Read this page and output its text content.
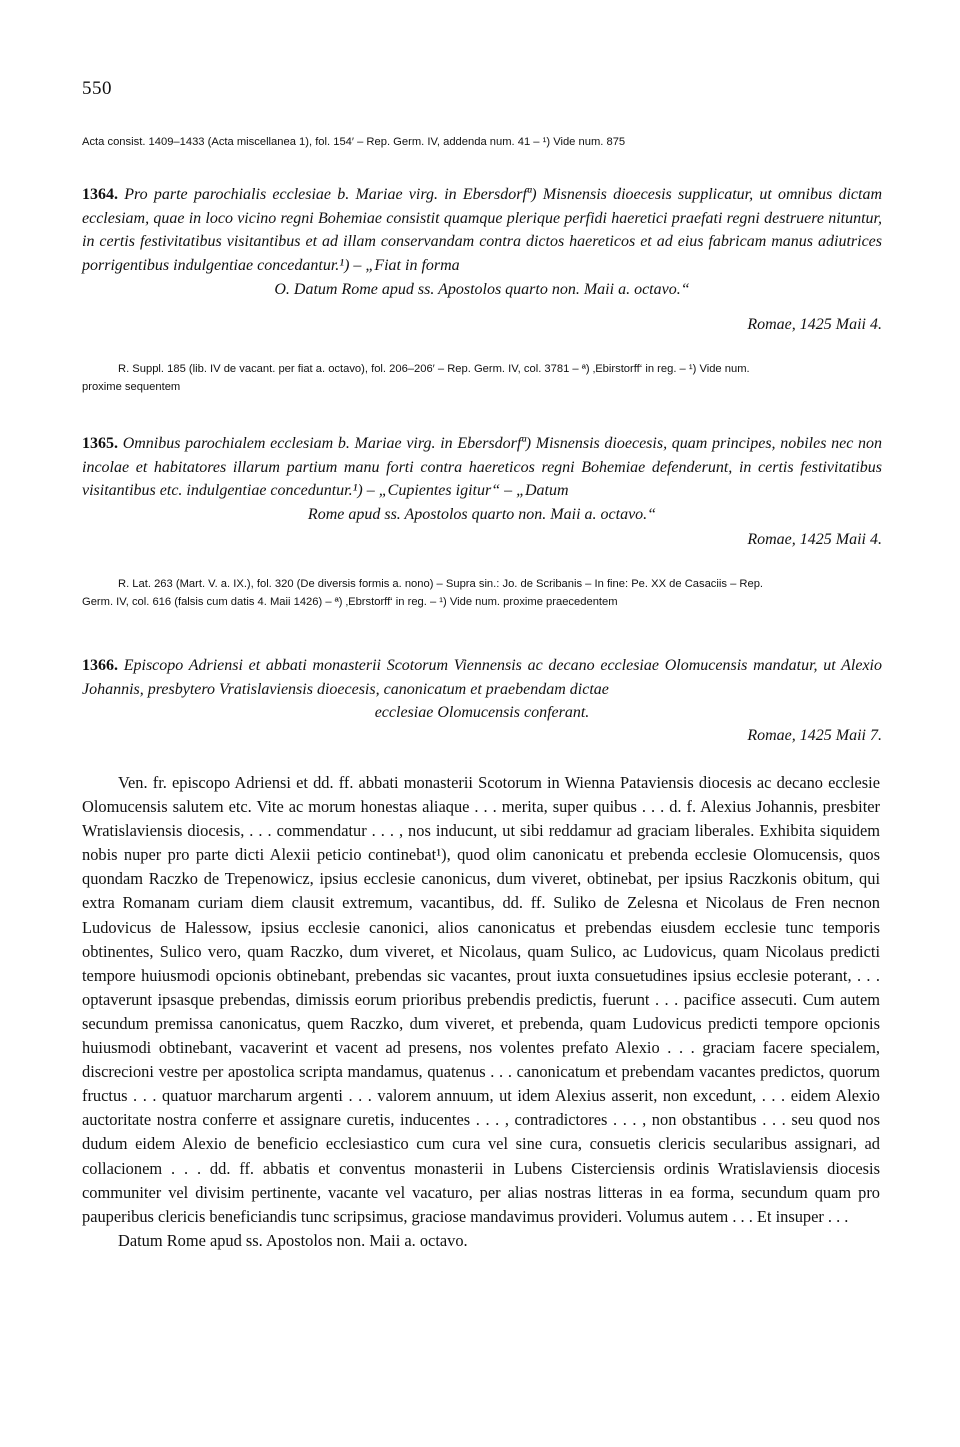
550
Acta consist. 1409–1433 (Acta miscellanea 1), fol. 154′ – Rep. Germ. IV, addenda num. 41 – ¹) Vide num. 875
1364. Pro parte parochialis ecclesiae b. Mariae virg. in Ebersdorfª) Misnensis dioecesis supplicatur, ut omnibus dictam ecclesiam, quae in loco vicino regni Bohemiae consistit quamque plerique perfidi haeretici praefati regni destruere nituntur, in certis festivitatibus visitantibus et ad illam conservandam contra dictos haereticos et ad eius fabricam manus adiutrices porrigentibus indulgentiae concedantur.¹) – „Fiat in forma
O. Datum Rome apud ss. Apostolos quarto non. Maii a. octavo.“
Romae, 1425 Maii 4.
R. Suppl. 185 (lib. IV de vacant. per fiat a. octavo), fol. 206–206′ – Rep. Germ. IV, col. 3781 – ª) ‚Ebirstorff‘ in reg. – ¹) Vide num.
proxime sequentem
1365. Omnibus parochialem ecclesiam b. Mariae virg. in Ebersdorfª) Misnensis dioecesis, quam principes, nobiles nec non incolae et habitatores illarum partium manu forti contra haereticos regni Bohemiae defenderunt, in certis festivitatibus visitantibus etc. indulgentiae conceduntur.¹) – „Cupientes igitur“ – „Datum
Rome apud ss. Apostolos quarto non. Maii a. octavo.“
Romae, 1425 Maii 4.
R. Lat. 263 (Mart. V. a. IX.), fol. 320 (De diversis formis a. nono) – Supra sin.: Jo. de Scribanis – In fine: Pe. XX de Casaciis – Rep.
Germ. IV, col. 616 (falsis cum datis 4. Maii 1426) – ª) ‚Ebrstorff‘ in reg. – ¹) Vide num. proxime praecedentem
1366. Episcopo Adriensi et abbati monasterii Scotorum Viennensis ac decano ecclesiae Olomucensis mandatur, ut Alexio Johannis, presbytero Vratislaviensis dioecesis, canonicatum et praebendam dictae
ecclesiae Olomucensis conferant.
Romae, 1425 Maii 7.

Ven. fr. episcopo Adriensi et dd. ff. abbati monasterii Scotorum in Wienna Pataviensis diocesis ac decano ecclesie Olomucensis salutem etc. Vite ac morum honestas aliaque . . . merita, super quibus . . . d. f. Alexius Johannis, presbiter Wratislaviensis diocesis, . . . commendatur . . . , nos inducunt, ut sibi reddamur ad graciam liberales. Exhibita siquidem nobis nuper pro parte dicti Alexii peticio continebat¹), quod olim canonicatu et prebenda ecclesie Olomucensis, quos quondam Raczko de Trepenowicz, ipsius ecclesie canonicus, dum viveret, obtinebat, per ipsius Raczkonis obitum, qui extra Romanam curiam diem clausit extremum, vacantibus, dd. ff. Suliko de Zelesna et Nicolaus de Fren necnon Ludovicus de Halessow, ipsius ecclesie canonici, alios canonicatus et prebendas eiusdem ecclesie tunc temporis obtinentes, Sulico vero, quam Raczko, dum viveret, et Nicolaus, quam Sulico, ac Ludovicus, quam Nicolaus predicti tempore huiusmodi opcionis obtinebant, prebendas sic vacantes, prout iuxta consuetudines ipsius ecclesie poterant, . . . optaverunt ipsasque prebendas, dimissis eorum prioribus prebendis predictis, fuerunt . . . pacifice assecuti. Cum autem secundum premissa canonicatus, quem Raczko, dum viveret, et prebenda, quam Ludovicus predicti tempore opcionis huiusmodi obtinebant, vacaverint et vacent ad presens, nos volentes prefato Alexio . . . graciam facere specialem, discrecioni vestre per apostolica scripta mandamus, quatenus . . . canonicatum et prebendam vacantes predictos, quorum fructus . . . quatuor marcharum argenti . . . valorem annuum, ut idem Alexius asserit, non excedunt, . . . eidem Alexio auctoritate nostra conferre et assignare curetis, inducentes . . . , contradictores . . . , non obstantibus . . . seu quod nos dudum eidem Alexio de beneficio ecclesiastico cum cura vel sine cura, consuetis clericis secularibus assignari, ad collacionem . . . dd. ff. abbatis et conventus monasterii in Lubens Cisterciensis ordinis Wratislaviensis diocesis communiter vel divisim pertinente, vacante vel vacaturo, per alias nostras litteras in ea forma, secundum quam pro pauperibus clericis beneficiandis tunc scripsimus, graciose mandavimus provideri. Volumus autem . . . Et insuper . . .

Datum Rome apud ss. Apostolos non. Maii a. octavo.
